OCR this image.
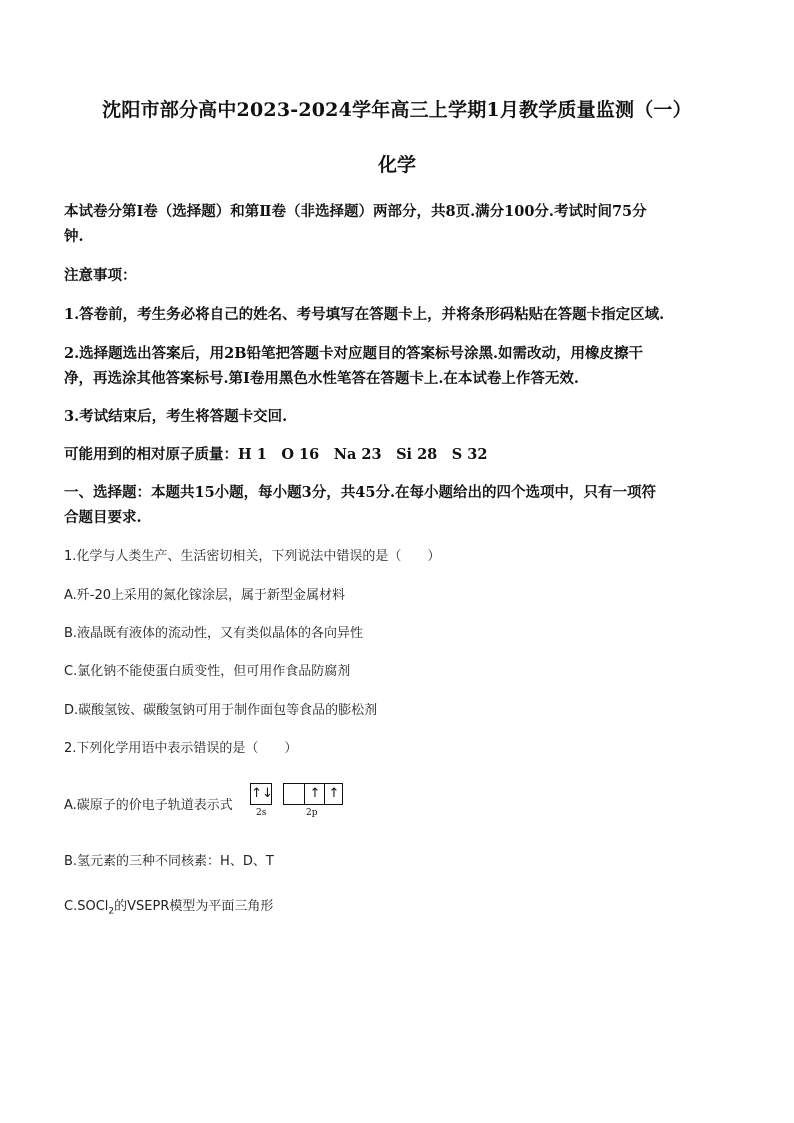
沈阳市部分高中2023-2024学年高三上学期1月教学质量监测（一）
化学
本试卷分第Ⅰ卷（选择题）和第Ⅱ卷（非选择题）两部分，共8页.满分100分.考试时间75分
钟.
注意事项：
1.答卷前，考生务必将自己的姓名、考号填写在答题卡上，并将条形码粘贴在答题卡指定区域.
2.选择题选出答案后，用2B铅笔把答题卡对应题目的答案标号涂黑.如需改动，用橡皮擦干
净，再选涂其他答案标号.第Ⅰ卷用黑色水性笔答在答题卡上.在本试卷上作答无效.
3.考试结束后，考生将答题卡交回.
可能用到的相对原子质量：H 1　O 16　Na 23　Si 28　S 32
一、选择题：本题共15小题，每小题3分，共45分.在每小题给出的四个选项中，只有一项符
合题目要求.
1.化学与人类生产、生活密切相关，下列说法中错误的是（　　）
A.歼-20上采用的氮化镓涂层，属于新型金属材料
B.液晶既有液体的流动性，又有类似晶体的各向异性
C.氯化钠不能使蛋白质变性，但可用作食品防腐剂
D.碳酸氢铵、碳酸氢钠可用于制作面包等食品的膨松剂
2.下列化学用语中表示错误的是（　　）
A.碳原子的价电子轨道表示式
↑↓	↑ ↑
2s	2p
B.氢元素的三种不同核素：H、D、T
C.SOCl$_2$的VSEPR模型为平面三角形
